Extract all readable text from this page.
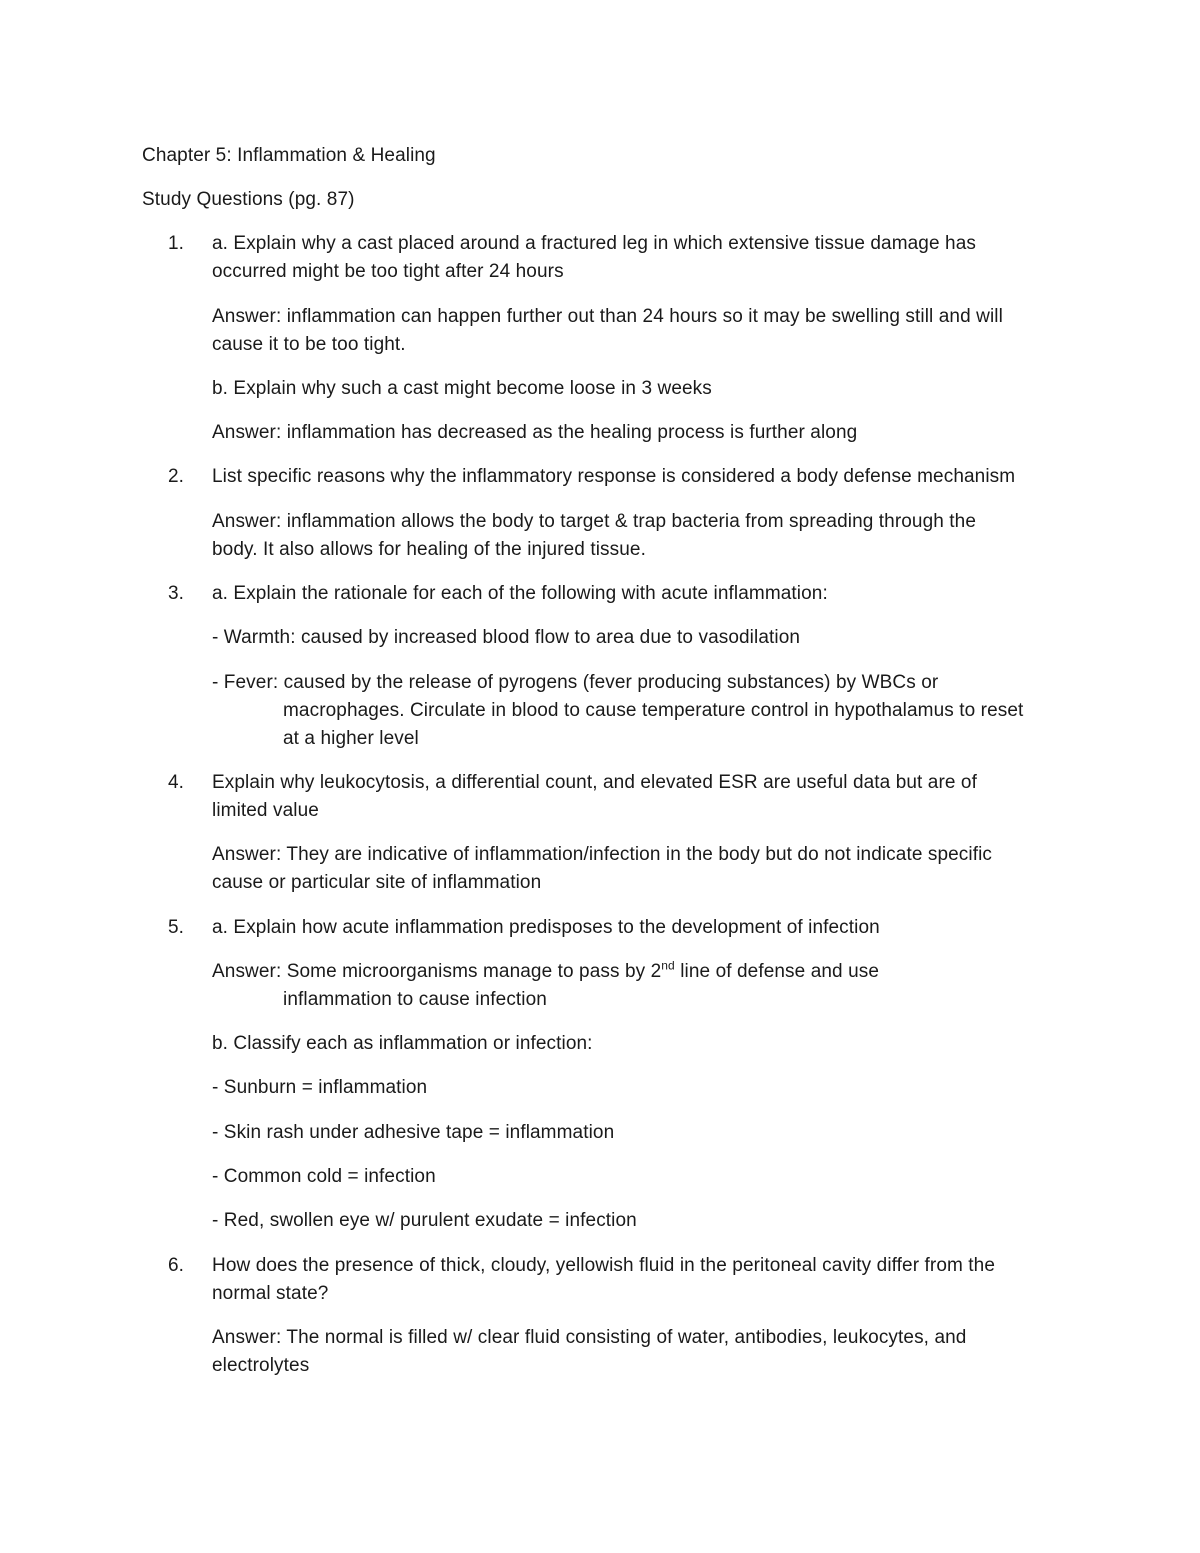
Chapter 5: Inflammation & Healing
Study Questions (pg. 87)
1. a. Explain why a cast placed around a fractured leg in which extensive tissue damage has
occurred might be too tight after 24 hours
Answer: inflammation can happen further out than 24 hours so it may be swelling still and will
cause it to be too tight.
b. Explain why such a cast might become loose in 3 weeks
Answer: inflammation has decreased as the healing process is further along
2. List specific reasons why the inflammatory response is considered a body defense mechanism
Answer: inflammation allows the body to target & trap bacteria from spreading through the
body. It also allows for healing of the injured tissue.
3. a. Explain the rationale for each of the following with acute inflammation:
- Warmth: caused by increased blood flow to area due to vasodilation
- Fever: caused by the release of pyrogens (fever producing substances) by WBCs or
macrophages. Circulate in blood to cause temperature control in hypothalamus to reset
at a higher level
4. Explain why leukocytosis, a differential count, and elevated ESR are useful data but are of
limited value
Answer: They are indicative of inflammation/infection in the body but do not indicate specific
cause or particular site of inflammation
5. a. Explain how acute inflammation predisposes to the development of infection
Answer: Some microorganisms manage to pass by 2nd line of defense and use
inflammation to cause infection
b. Classify each as inflammation or infection:
- Sunburn = inflammation
- Skin rash under adhesive tape = inflammation
- Common cold = infection
- Red, swollen eye w/ purulent exudate = infection
6. How does the presence of thick, cloudy, yellowish fluid in the peritoneal cavity differ from the
normal state?
Answer: The normal is filled w/ clear fluid consisting of water, antibodies, leukocytes, and
electrolytes
